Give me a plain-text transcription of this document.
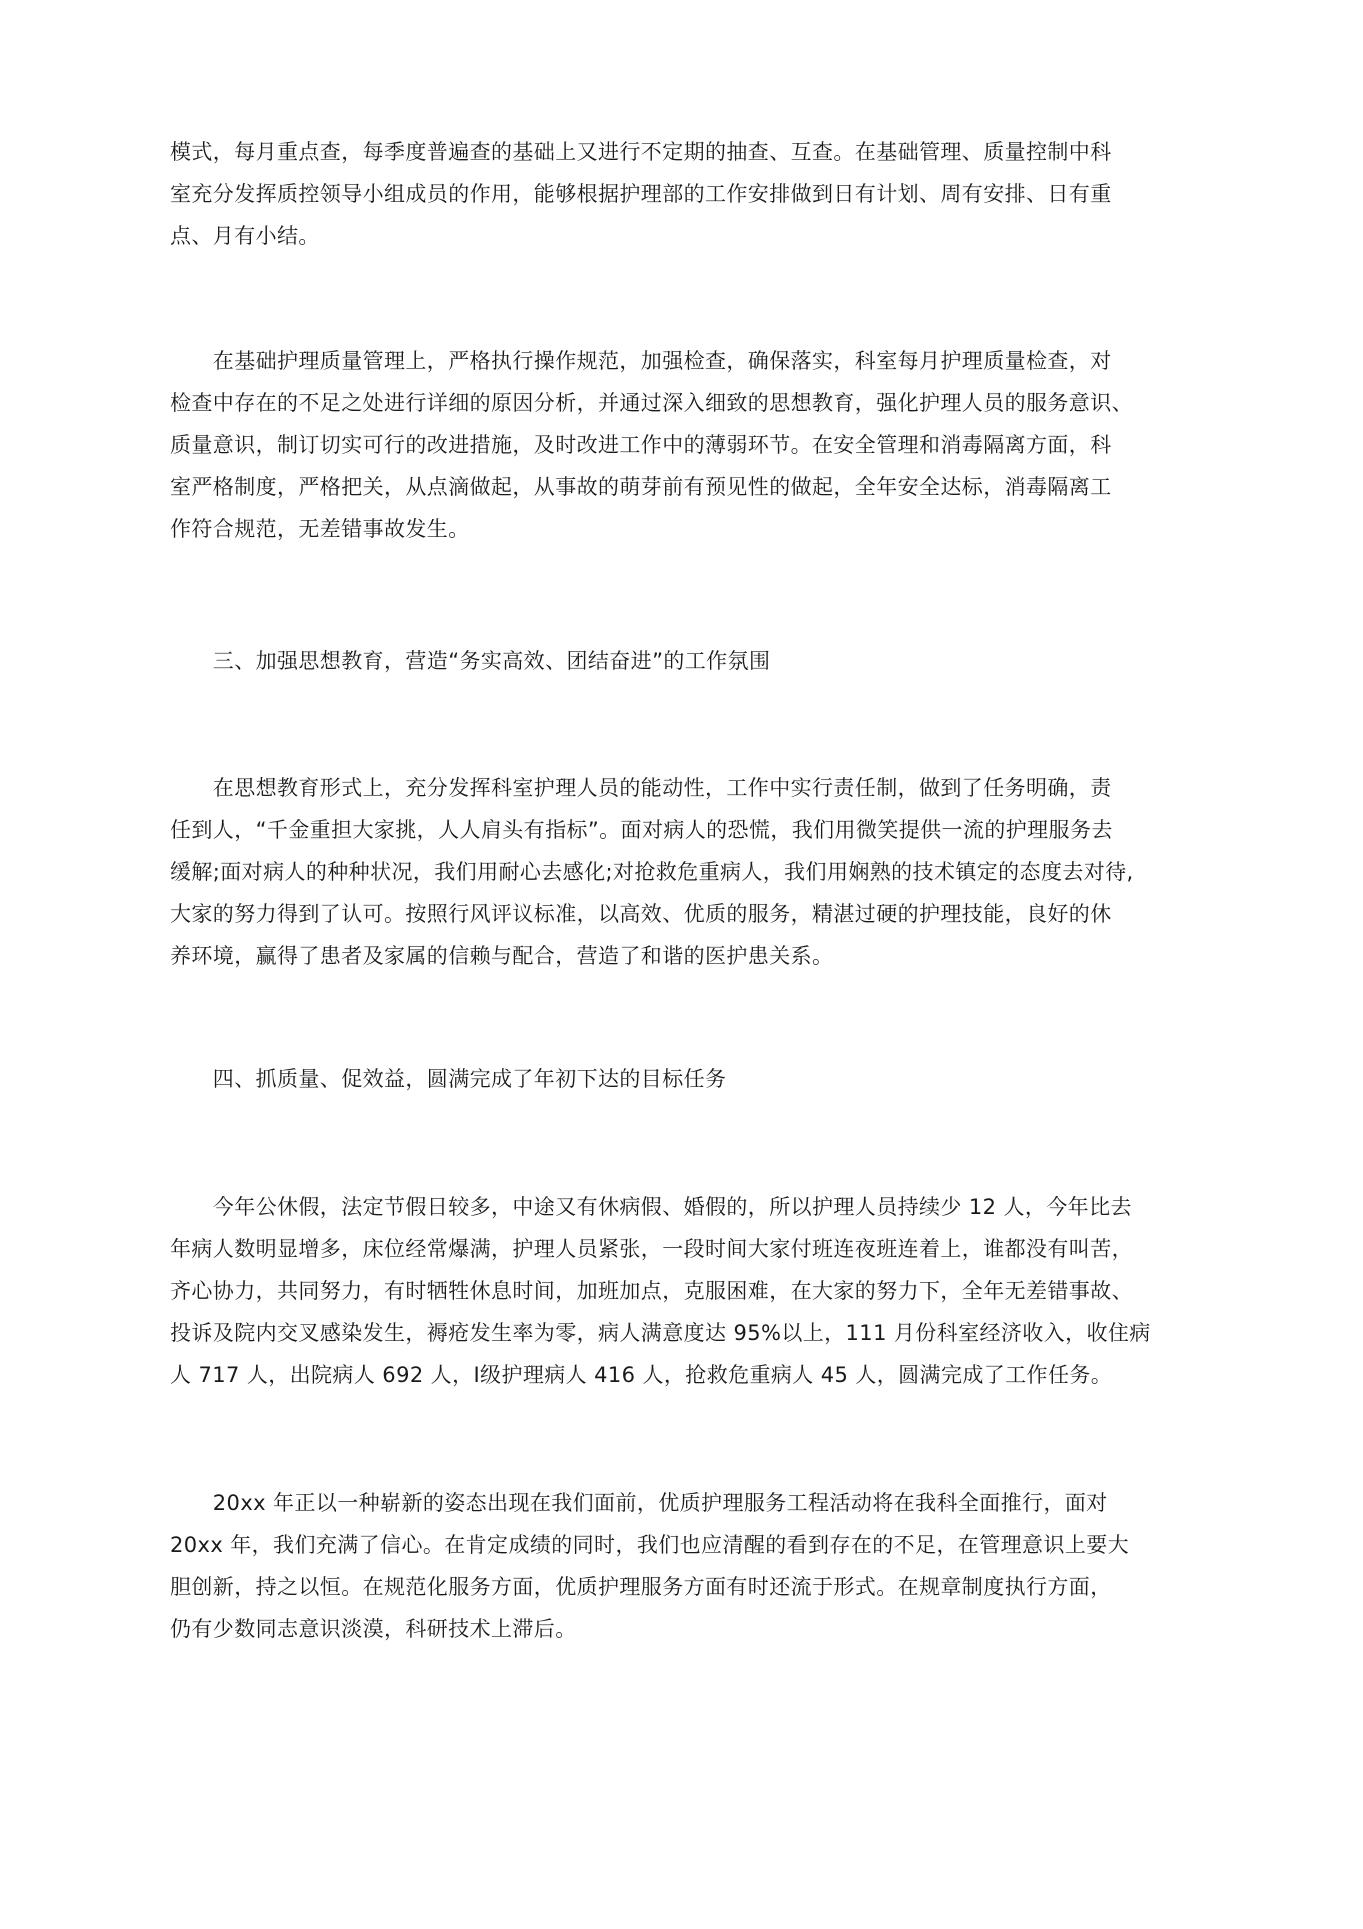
模式，每月重点查，每季度普遍查的基础上又进行不定期的抽查、互查。在基础管理、质量控制中科
室充分发挥质控领导小组成员的作用，能够根据护理部的工作安排做到日有计划、周有安排、日有重
点、月有小结。

　　在基础护理质量管理上，严格执行操作规范，加强检查，确保落实，科室每月护理质量检查，对
检查中存在的不足之处进行详细的原因分析，并通过深入细致的思想教育，强化护理人员的服务意识、
质量意识，制订切实可行的改进措施，及时改进工作中的薄弱环节。在安全管理和消毒隔离方面，科
室严格制度，严格把关，从点滴做起，从事故的萌芽前有预见性的做起，全年安全达标，消毒隔离工
作符合规范，无差错事故发生。

　　三、加强思想教育，营造“务实高效、团结奋进”的工作氛围

　　在思想教育形式上，充分发挥科室护理人员的能动性，工作中实行责任制，做到了任务明确，责
任到人，“千金重担大家挑，人人肩头有指标”。面对病人的恐慌，我们用微笑提供一流的护理服务去
缓解;面对病人的种种状况，我们用耐心去感化;对抢救危重病人，我们用娴熟的技术镇定的态度去对待,
大家的努力得到了认可。按照行风评议标准，以高效、优质的服务，精湛过硬的护理技能，良好的休
养环境，赢得了患者及家属的信赖与配合，营造了和谐的医护患关系。

　　四、抓质量、促效益，圆满完成了年初下达的目标任务

　　今年公休假，法定节假日较多，中途又有休病假、婚假的，所以护理人员持续少 12 人，今年比去
年病人数明显增多，床位经常爆满，护理人员紧张，一段时间大家付班连夜班连着上，谁都没有叫苦，
齐心协力，共同努力，有时牺牲休息时间，加班加点，克服困难，在大家的努力下，全年无差错事故、
投诉及院内交叉感染发生，褥疮发生率为零，病人满意度达 95%以上，111 月份科室经济收入，收住病
人 717 人，出院病人 692 人，Ⅰ级护理病人 416 人，抢救危重病人 45 人，圆满完成了工作任务。

　　20xx 年正以一种崭新的姿态出现在我们面前，优质护理服务工程活动将在我科全面推行，面对
20xx 年，我们充满了信心。在肯定成绩的同时，我们也应清醒的看到存在的不足，在管理意识上要大
胆创新，持之以恒。在规范化服务方面，优质护理服务方面有时还流于形式。在规章制度执行方面，
仍有少数同志意识淡漠，科研技术上滞后。
